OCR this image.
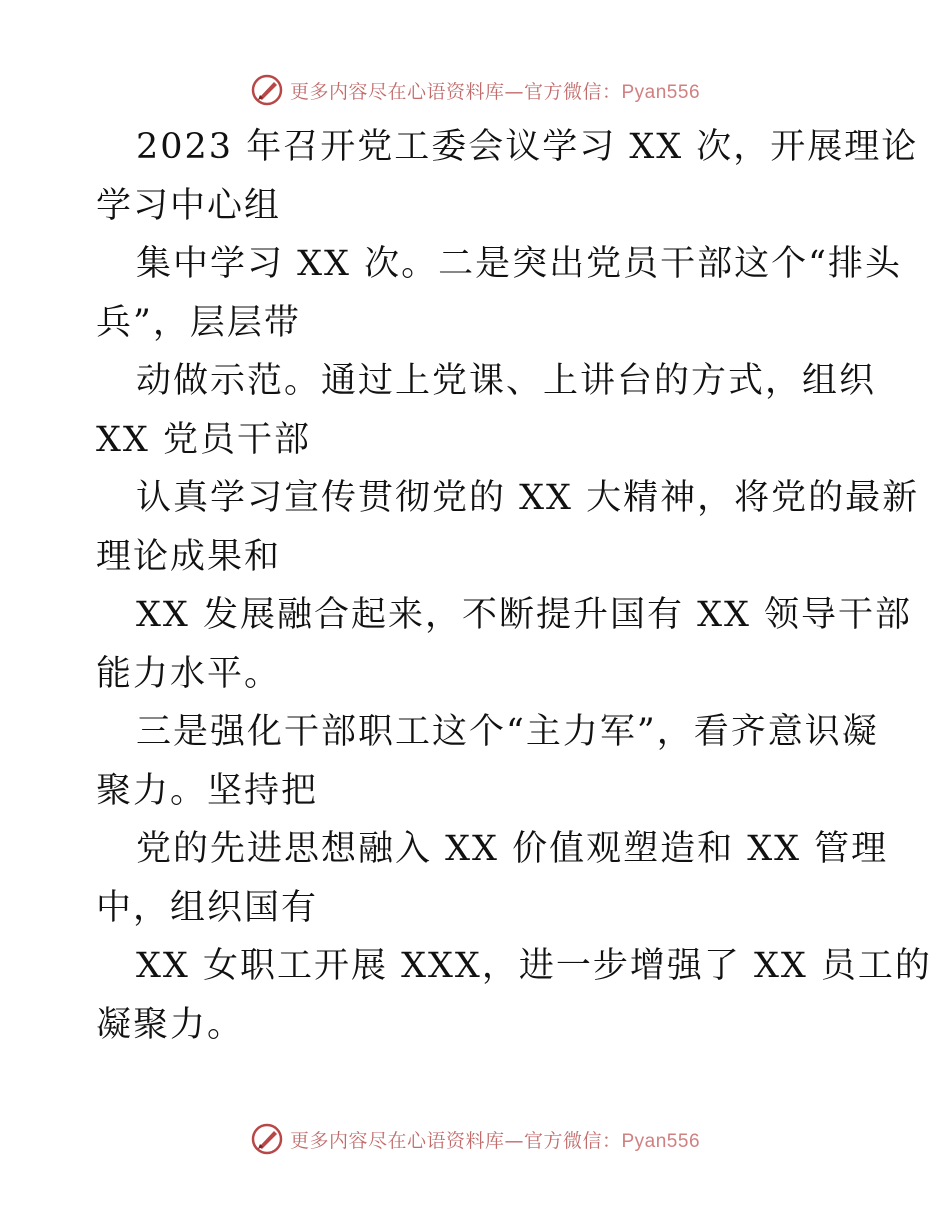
更多内容尽在心语资料库—官方微信：Pyan556
2023 年召开党工委会议学习 XX 次，开展理论
学习中心组
集中学习 XX 次。二是突出党员干部这个“排头
兵”，层层带
动做示范。通过上党课、上讲台的方式，组织
XX 党员干部
认真学习宣传贯彻党的 XX 大精神，将党的最新
理论成果和
XX 发展融合起来，不断提升国有 XX 领导干部
能力水平。
三是强化干部职工这个“主力军”，看齐意识凝
聚力。坚持把
党的先进思想融入 XX 价值观塑造和 XX 管理
中，组织国有
XX 女职工开展 XXX，进一步增强了 XX 员工的
凝聚力。
更多内容尽在心语资料库—官方微信：Pyan556
